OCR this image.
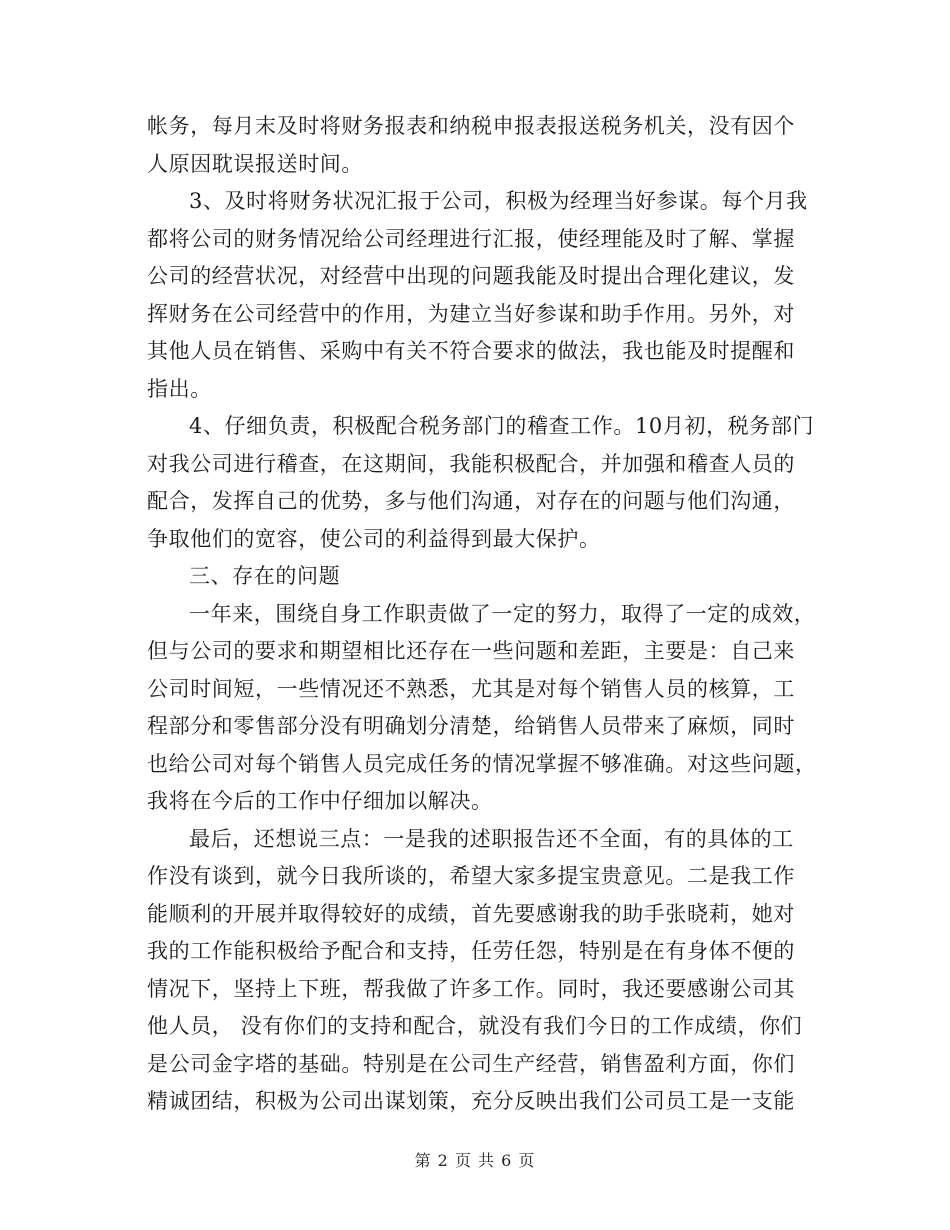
帐务，每月末及时将财务报表和纳税申报表报送税务机关，没有因个
人原因耽误报送时间。
3、及时将财务状况汇报于公司，积极为经理当好参谋。每个月我
都将公司的财务情况给公司经理进行汇报，使经理能及时了解、掌握
公司的经营状况，对经营中出现的问题我能及时提出合理化建议，发
挥财务在公司经营中的作用，为建立当好参谋和助手作用。另外，对
其他人员在销售、采购中有关不符合要求的做法，我也能及时提醒和
指出。
4、仔细负责，积极配合税务部门的稽查工作。10月初，税务部门
对我公司进行稽查，在这期间，我能积极配合，并加强和稽查人员的
配合，发挥自己的优势，多与他们沟通，对存在的问题与他们沟通，
争取他们的宽容，使公司的利益得到最大保护。
三、存在的问题
一年来，围绕自身工作职责做了一定的努力，取得了一定的成效，
但与公司的要求和期望相比还存在一些问题和差距，主要是：自己来
公司时间短，一些情况还不熟悉，尤其是对每个销售人员的核算，工
程部分和零售部分没有明确划分清楚，给销售人员带来了麻烦，同时
也给公司对每个销售人员完成任务的情况掌握不够准确。对这些问题，
我将在今后的工作中仔细加以解决。
最后，还想说三点：一是我的述职报告还不全面，有的具体的工
作没有谈到，就今日我所谈的，希望大家多提宝贵意见。二是我工作
能顺利的开展并取得较好的成绩，首先要感谢我的助手张晓莉，她对
我的工作能积极给予配合和支持，任劳任怨，特别是在有身体不便的
情况下，坚持上下班，帮我做了许多工作。同时，我还要感谢公司其
他人员， 没有你们的支持和配合，就没有我们今日的工作成绩，你们
是公司金字塔的基础。特别是在公司生产经营，销售盈利方面，你们
精诚团结，积极为公司出谋划策，充分反映出我们公司员工是一支能
第 2 页 共 6 页
